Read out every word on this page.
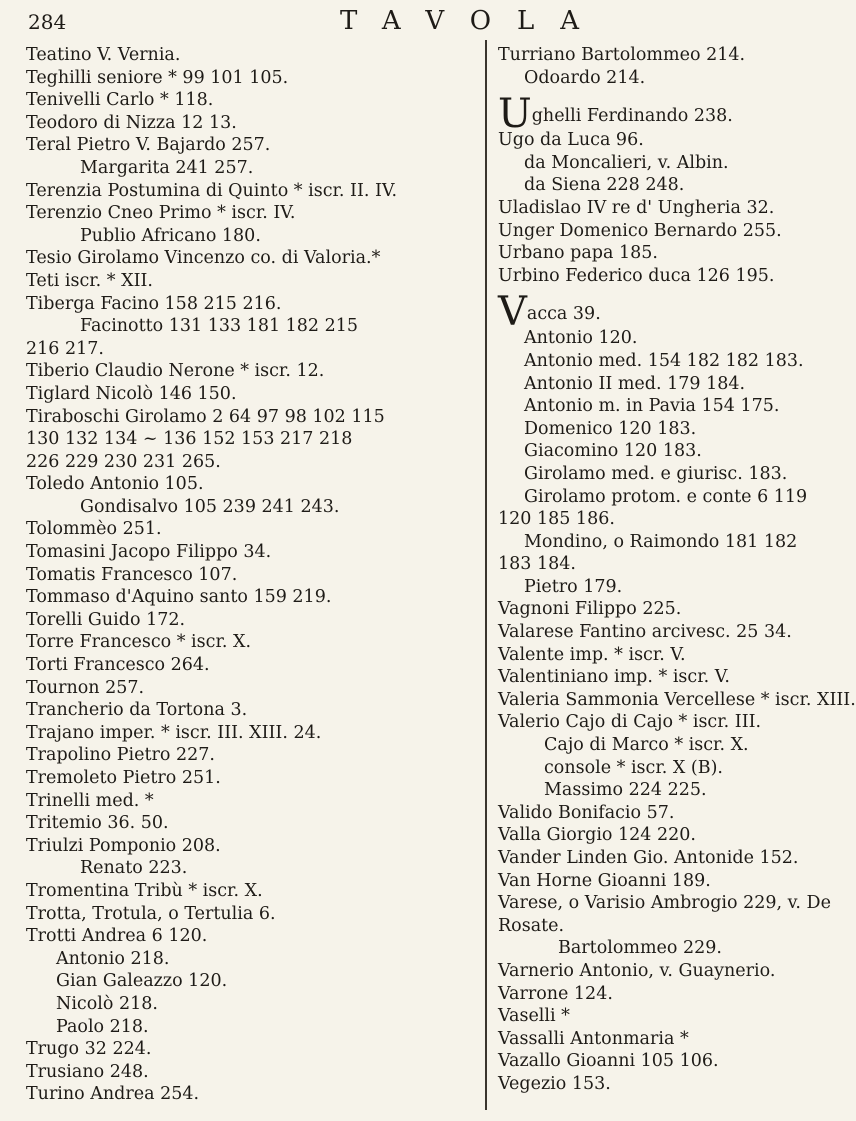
284	TAVOLA
Teatino V. Vernia.
Teghilli seniore * 99 101 105.
Tenivelli Carlo * 118.
Teodoro di Nizza 12 13.
Teral Pietro V. Bajardo 257.
Margarita 241 257.
Terenzia Postumina di Quinto * iscr. II. IV.
Terenzio Cneo Primo * iscr. IV.
Publio Africano 180.
Tesio Girolamo Vincenzo co. di Valoria.*
Teti iscr. * XII.
Tiberga Facino 158 215 216.
Facinotto 131 133 181 182 215
216 217.
Tiberio Claudio Nerone * iscr. 12.
Tiglard Nicolò 146 150.
Tiraboschi Girolamo 2 64 97 98 102 115
130 132 134 ~ 136 152 153 217 218
226 229 230 231 265.
Toledo Antonio 105.
Gondisalvo 105 239 241 243.
Tolommèo 251.
Tomasini Jacopo Filippo 34.
Tomatis Francesco 107.
Tommaso d'Aquino santo 159 219.
Torelli Guido 172.
Torre Francesco * iscr. X.
Torti Francesco 264.
Tournon 257.
Trancherio da Tortona 3.
Trajano imper. * iscr. III. XIII. 24.
Trapolino Pietro 227.
Tremoleto Pietro 251.
Trinelli med. *
Tritemio 36. 50.
Triulzi Pomponio 208.
Renato 223.
Tromentina Tribù * iscr. X.
Trotta, Trotula, o Tertulia 6.
Trotti Andrea 6 120.
Antonio 218.
Gian Galeazzo 120.
Nicolò 218.
Paolo 218.
Trugo 32 224.
Trusiano 248.
Turino Andrea 254.
Turriano Bartolommeo 214.
Odoardo 214.
Ughelli Ferdinando 238.
Ugo da Luca 96.
da Moncalieri, v. Albin.
da Siena 228 248.
Uladislao IV re d' Ungheria 32.
Unger Domenico Bernardo 255.
Urbano papa 185.
Urbino Federico duca 126 195.
Vacca 39.
Antonio 120.
Antonio med. 154 182 182 183.
Antonio II med. 179 184.
Antonio m. in Pavia 154 175.
Domenico 120 183.
Giacomino 120 183.
Girolamo med. e giurisc. 183.
Girolamo protom. e conte 6 119
120 185 186.
Mondino, o Raimondo 181 182
183 184.
Pietro 179.
Vagnoni Filippo 225.
Valarese Fantino arcivesc. 25 34.
Valente imp. * iscr. V.
Valentiniano imp. * iscr. V.
Valeria Sammonia Vercellese * iscr. XIII.
Valerio Cajo di Cajo * iscr. III.
Cajo di Marco * iscr. X.
console * iscr. X (B).
Massimo 224 225.
Valido Bonifacio 57.
Valla Giorgio 124 220.
Vander Linden Gio. Antonide 152.
Van Horne Gioanni 189.
Varese, o Varisio Ambrogio 229, v. De
Rosate.
Bartolommeo 229.
Varnerio Antonio, v. Guaynerio.
Varrone 124.
Vaselli *
Vassalli Antonmaria *
Vazallo Gioanni 105 106.
Vegezio 153.
